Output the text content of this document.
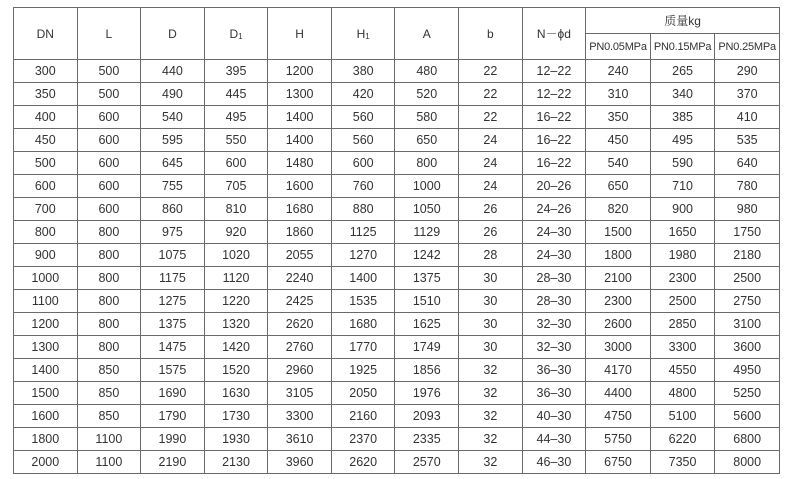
DN	L	D	$D_1$	H	$H_1$	A	b	N－ϕd	质量kg		
									PN0.05MPa	PN0.15MPa	PN0.25MPa
300	500	440	395	1200	380	480	22	12–22	240	265	290
350	500	490	445	1300	420	520	22	12–22	310	340	370
400	600	540	495	1400	560	580	22	16–22	350	385	410
450	600	595	550	1400	560	650	24	16–22	450	495	535
500	600	645	600	1480	600	800	24	16–22	540	590	640
600	600	755	705	1600	760	1000	24	20–26	650	710	780
700	600	860	810	1680	880	1050	26	24–26	820	900	980
800	800	975	920	1860	1125	1129	26	24–30	1500	1650	1750
900	800	1075	1020	2055	1270	1242	28	24–30	1800	1980	2180
1000	800	1175	1120	2240	1400	1375	30	28–30	2100	2300	2500
1100	800	1275	1220	2425	1535	1510	30	28–30	2300	2500	2750
1200	800	1375	1320	2620	1680	1625	30	32–30	2600	2850	3100
1300	800	1475	1420	2760	1770	1749	30	32–30	3000	3300	3600
1400	850	1575	1520	2960	1925	1856	32	36–30	4170	4550	4950
1500	850	1690	1630	3105	2050	1976	32	36–30	4400	4800	5250
1600	850	1790	1730	3300	2160	2093	32	40–30	4750	5100	5600
1800	1100	1990	1930	3610	2370	2335	32	44–30	5750	6220	6800
2000	1100	2190	2130	3960	2620	2570	32	46–30	6750	7350	8000
